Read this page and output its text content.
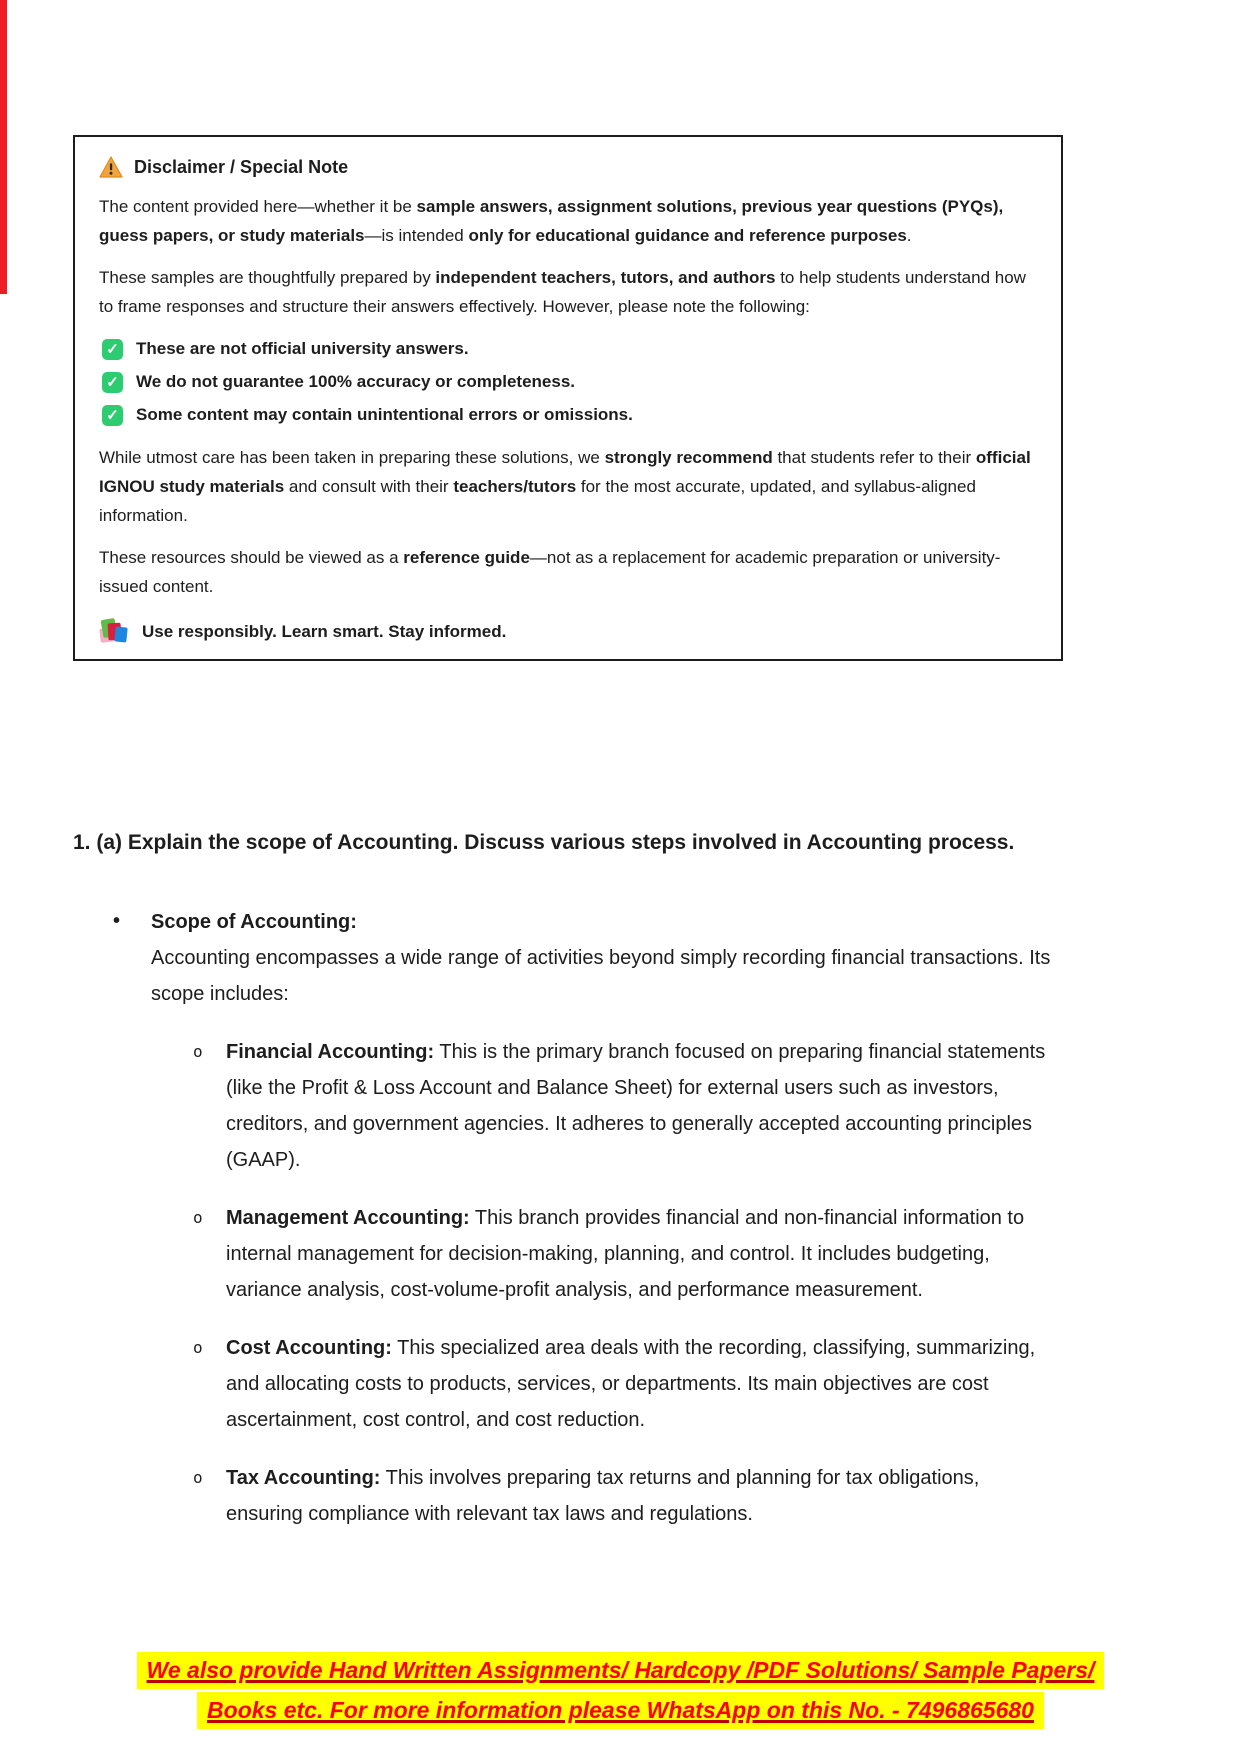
Disclaimer / Special Note

The content provided here—whether it be sample answers, assignment solutions, previous year questions (PYQs), guess papers, or study materials—is intended only for educational guidance and reference purposes.

These samples are thoughtfully prepared by independent teachers, tutors, and authors to help students understand how to frame responses and structure their answers effectively. However, please note the following:

✓
These are not official university answers.
✓
We do not guarantee 100% accuracy or completeness.
✓
Some content may contain unintentional errors or omissions.

While utmost care has been taken in preparing these solutions, we strongly recommend that students refer to their official IGNOU study materials and consult with their teachers/tutors for the most accurate, updated, and syllabus-aligned information.

These resources should be viewed as a reference guide—not as a replacement for academic preparation or university-issued content.

Use responsibly. Learn smart. Stay informed.
1. (a) Explain the scope of Accounting. Discuss various steps involved in Accounting process.
•	Scope of Accounting:
Accounting encompasses a wide range of activities beyond simply recording financial transactions. Its scope includes:
o	Financial Accounting: This is the primary branch focused on preparing financial statements (like the Profit & Loss Account and Balance Sheet) for external users such as investors, creditors, and government agencies. It adheres to generally accepted accounting principles (GAAP).

o	Management Accounting: This branch provides financial and non-financial information to internal management for decision-making, planning, and control. It includes budgeting, variance analysis, cost-volume-profit analysis, and performance measurement.

o	Cost Accounting: This specialized area deals with the recording, classifying, summarizing, and allocating costs to products, services, or departments. Its main objectives are cost ascertainment, cost control, and cost reduction.

o	Tax Accounting: This involves preparing tax returns and planning for tax obligations, ensuring compliance with relevant tax laws and regulations.

We also provide Hand Written Assignments/ Hardcopy /PDF Solutions/ Sample Papers/
Books etc. For more information please WhatsApp on this No. - 7496865680
